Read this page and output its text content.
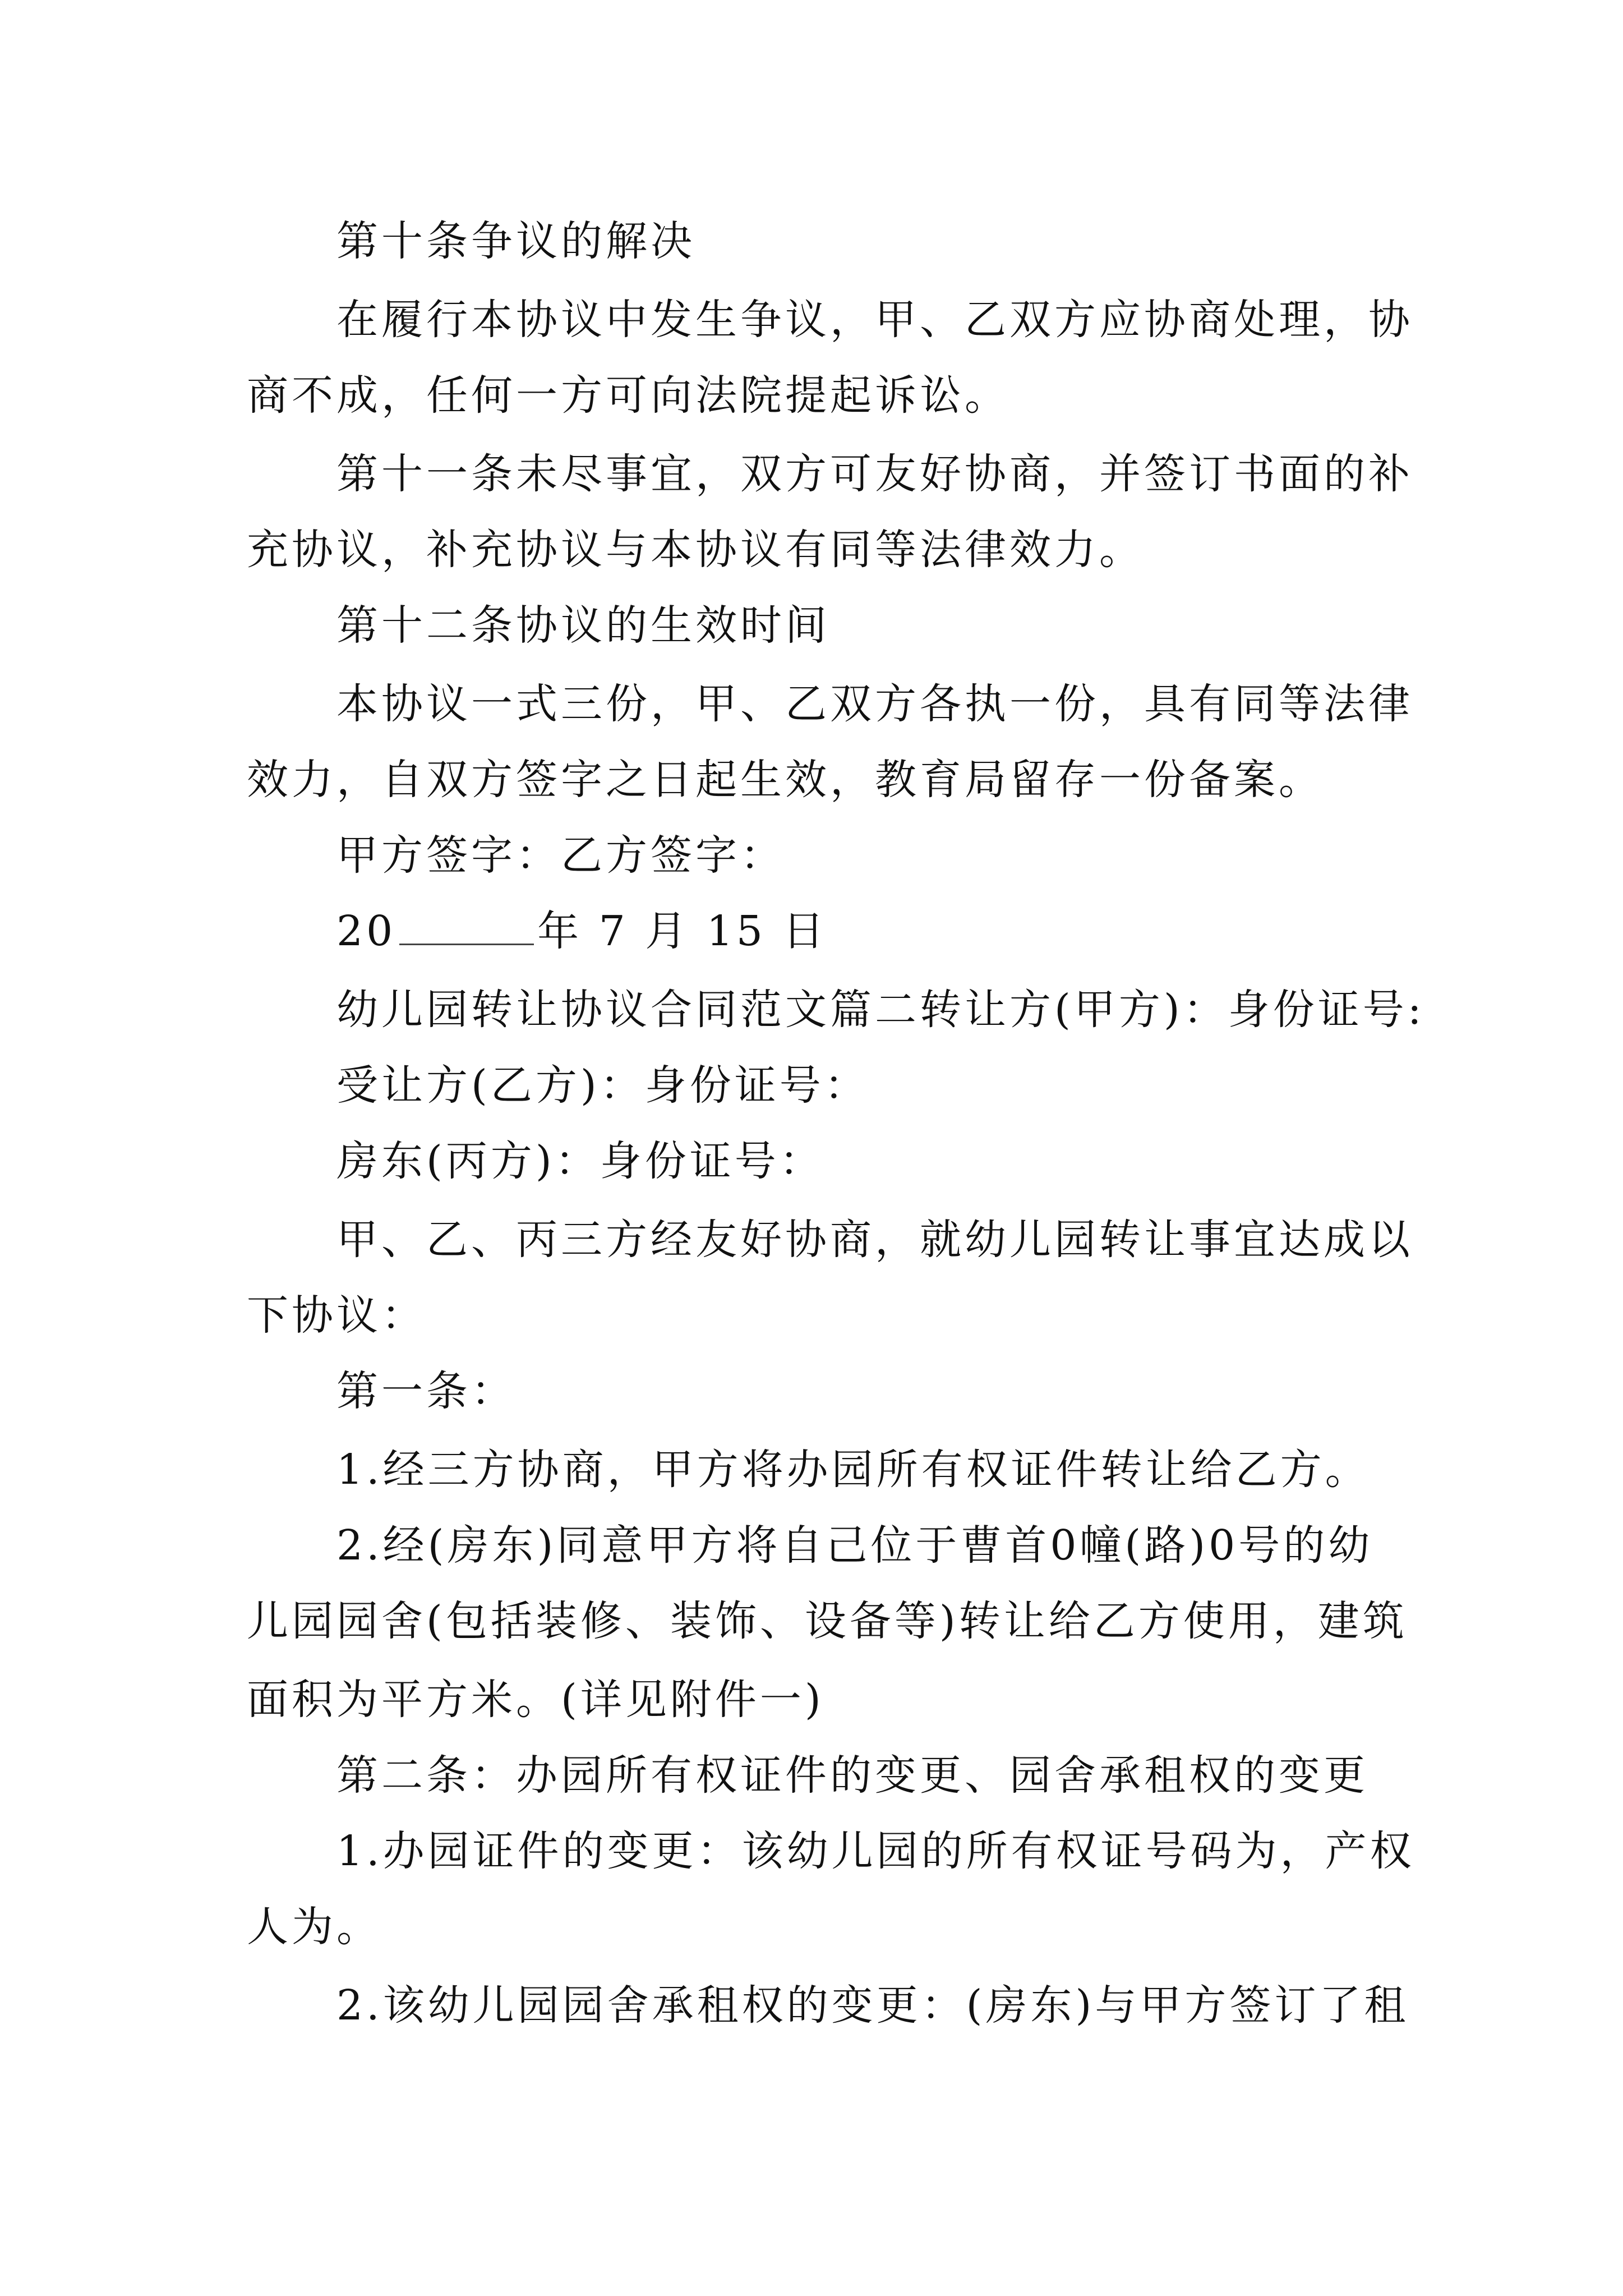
第十条争议的解决
在履行本协议中发生争议，甲、乙双方应协商处理，协
商不成，任何一方可向法院提起诉讼。
第十一条未尽事宜，双方可友好协商，并签订书面的补
充协议，补充协议与本协议有同等法律效力。
第十二条协议的生效时间
本协议一式三份，甲、乙双方各执一份，具有同等法律
效力，自双方签字之日起生效，教育局留存一份备案。
甲方签字：乙方签字：
20	年 7 月 15 日
幼儿园转让协议合同范文篇二转让方(甲方)：身份证号:
受让方(乙方)：身份证号：
房东(丙方)：身份证号：
甲、乙、丙三方经友好协商，就幼儿园转让事宜达成以
下协议：
第一条：
1.经三方协商，甲方将办园所有权证件转让给乙方。
2.经(房东)同意甲方将自己位于曹首0幢(路)0号的幼
儿园园舍(包括装修、装饰、设备等)转让给乙方使用，建筑
面积为平方米。(详见附件一)
第二条：办园所有权证件的变更、园舍承租权的变更
1.办园证件的变更：该幼儿园的所有权证号码为，产权
人为。
2.该幼儿园园舍承租权的变更：(房东)与甲方签订了租
